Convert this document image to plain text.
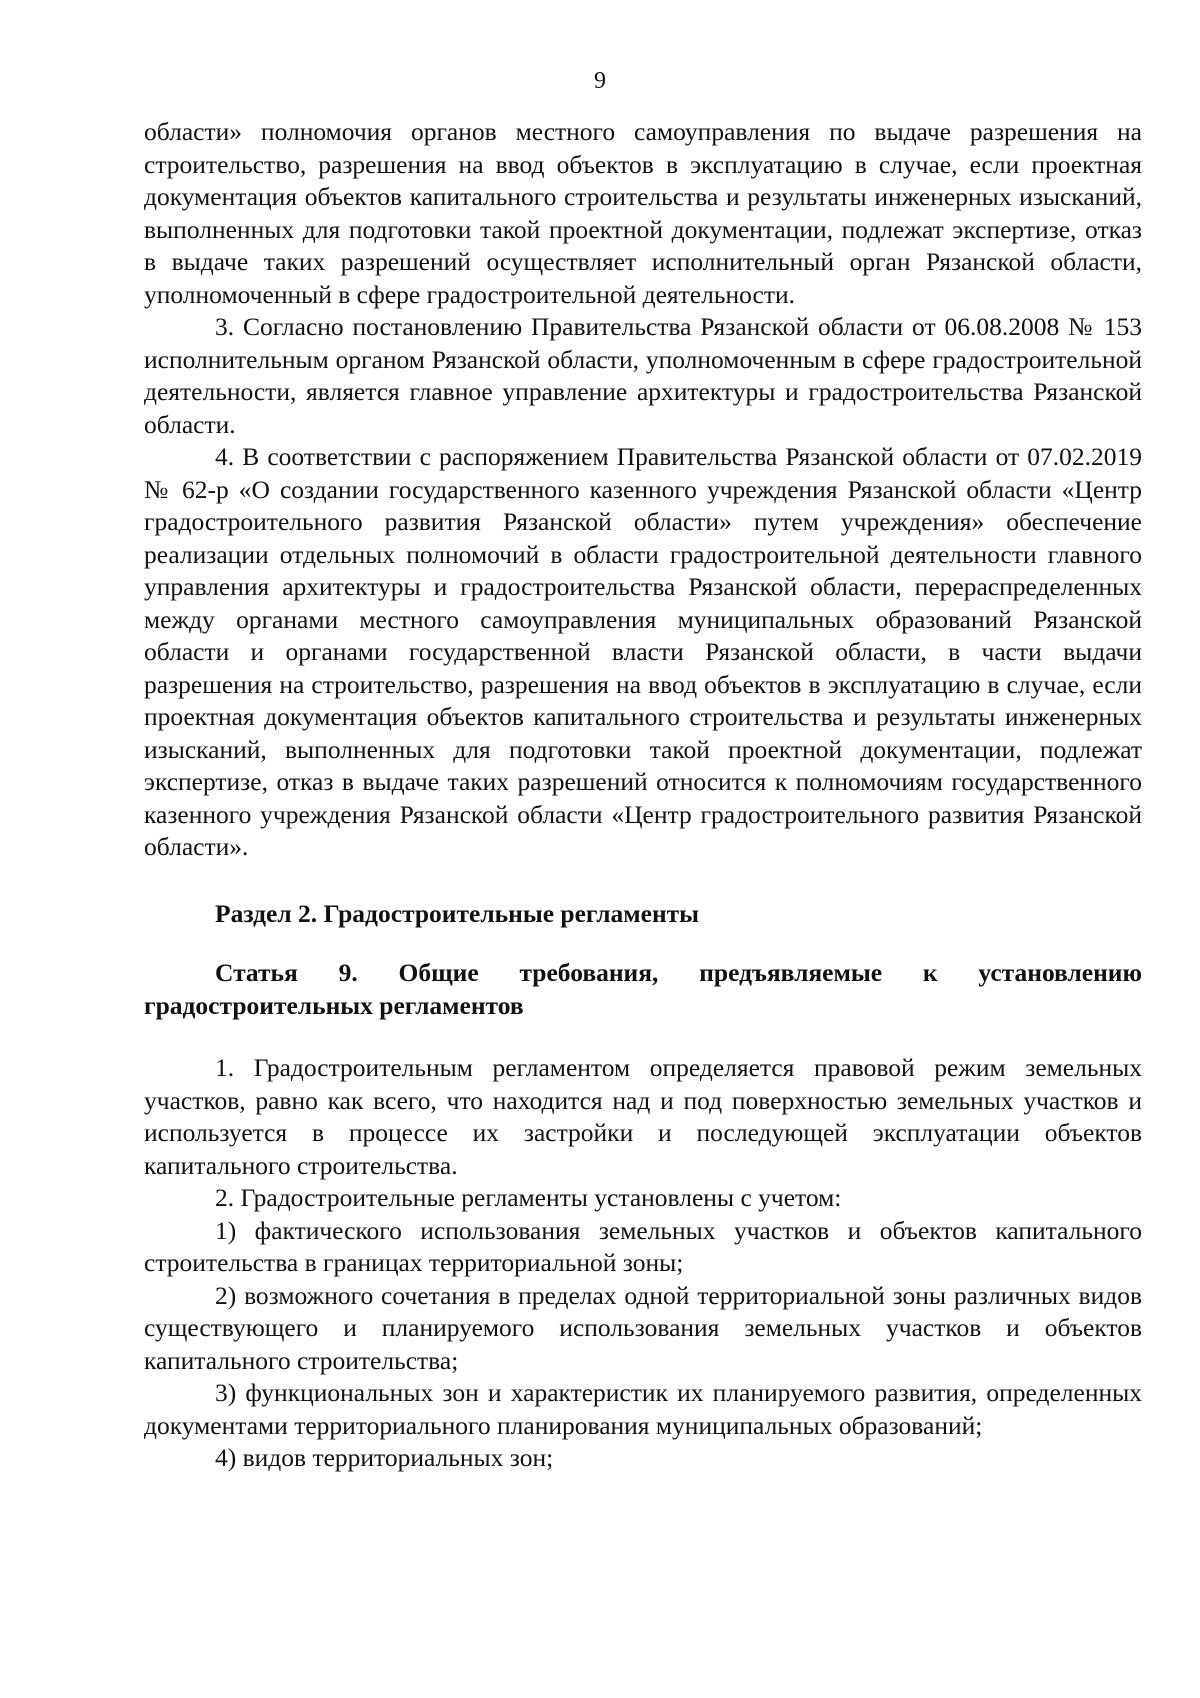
9

области» полномочия органов местного самоуправления по выдаче разрешения на строительство, разрешения на ввод объектов в эксплуатацию в случае, если проектная документация объектов капитального строительства и результаты инженерных изысканий, выполненных для подготовки такой проектной документации, подлежат экспертизе, отказ в выдаче таких разрешений осуществляет исполнительный орган Рязанской области, уполномоченный в сфере градостроительной деятельности.

3. Согласно постановлению Правительства Рязанской области от 06.08.2008 № 153 исполнительным органом Рязанской области, уполномоченным в сфере градостроительной деятельности, является главное управление архитектуры и градостроительства Рязанской области.

4. В соответствии с распоряжением Правительства Рязанской области от 07.02.2019 № 62-р «О создании государственного казенного учреждения Рязанской области «Центр градостроительного развития Рязанской области» путем учреждения» обеспечение реализации отдельных полномочий в области градостроительной деятельности главного управления архитектуры и градостроительства Рязанской области, перераспределенных между органами местного самоуправления муниципальных образований Рязанской области и органами государственной власти Рязанской области, в части выдачи разрешения на строительство, разрешения на ввод объектов в эксплуатацию в случае, если проектная документация объектов капитального строительства и результаты инженерных изысканий, выполненных для подготовки такой проектной документации, подлежат экспертизе, отказ в выдаче таких разрешений относится к полномочиям государственного казенного учреждения Рязанской области «Центр градостроительного развития Рязанской области».

Раздел 2. Градостроительные регламенты

Статья 9. Общие требования, предъявляемые к установлению градостроительных регламентов

1. Градостроительным регламентом определяется правовой режим земельных участков, равно как всего, что находится над и под поверхностью земельных участков и используется в процессе их застройки и последующей эксплуатации объектов капитального строительства.

2. Градостроительные регламенты установлены с учетом:

1) фактического использования земельных участков и объектов капитального строительства в границах территориальной зоны;

2) возможного сочетания в пределах одной территориальной зоны различных видов существующего и планируемого использования земельных участков и объектов капитального строительства;

3) функциональных зон и характеристик их планируемого развития, определенных документами территориального планирования муниципальных образований;

4) видов территориальных зон;
